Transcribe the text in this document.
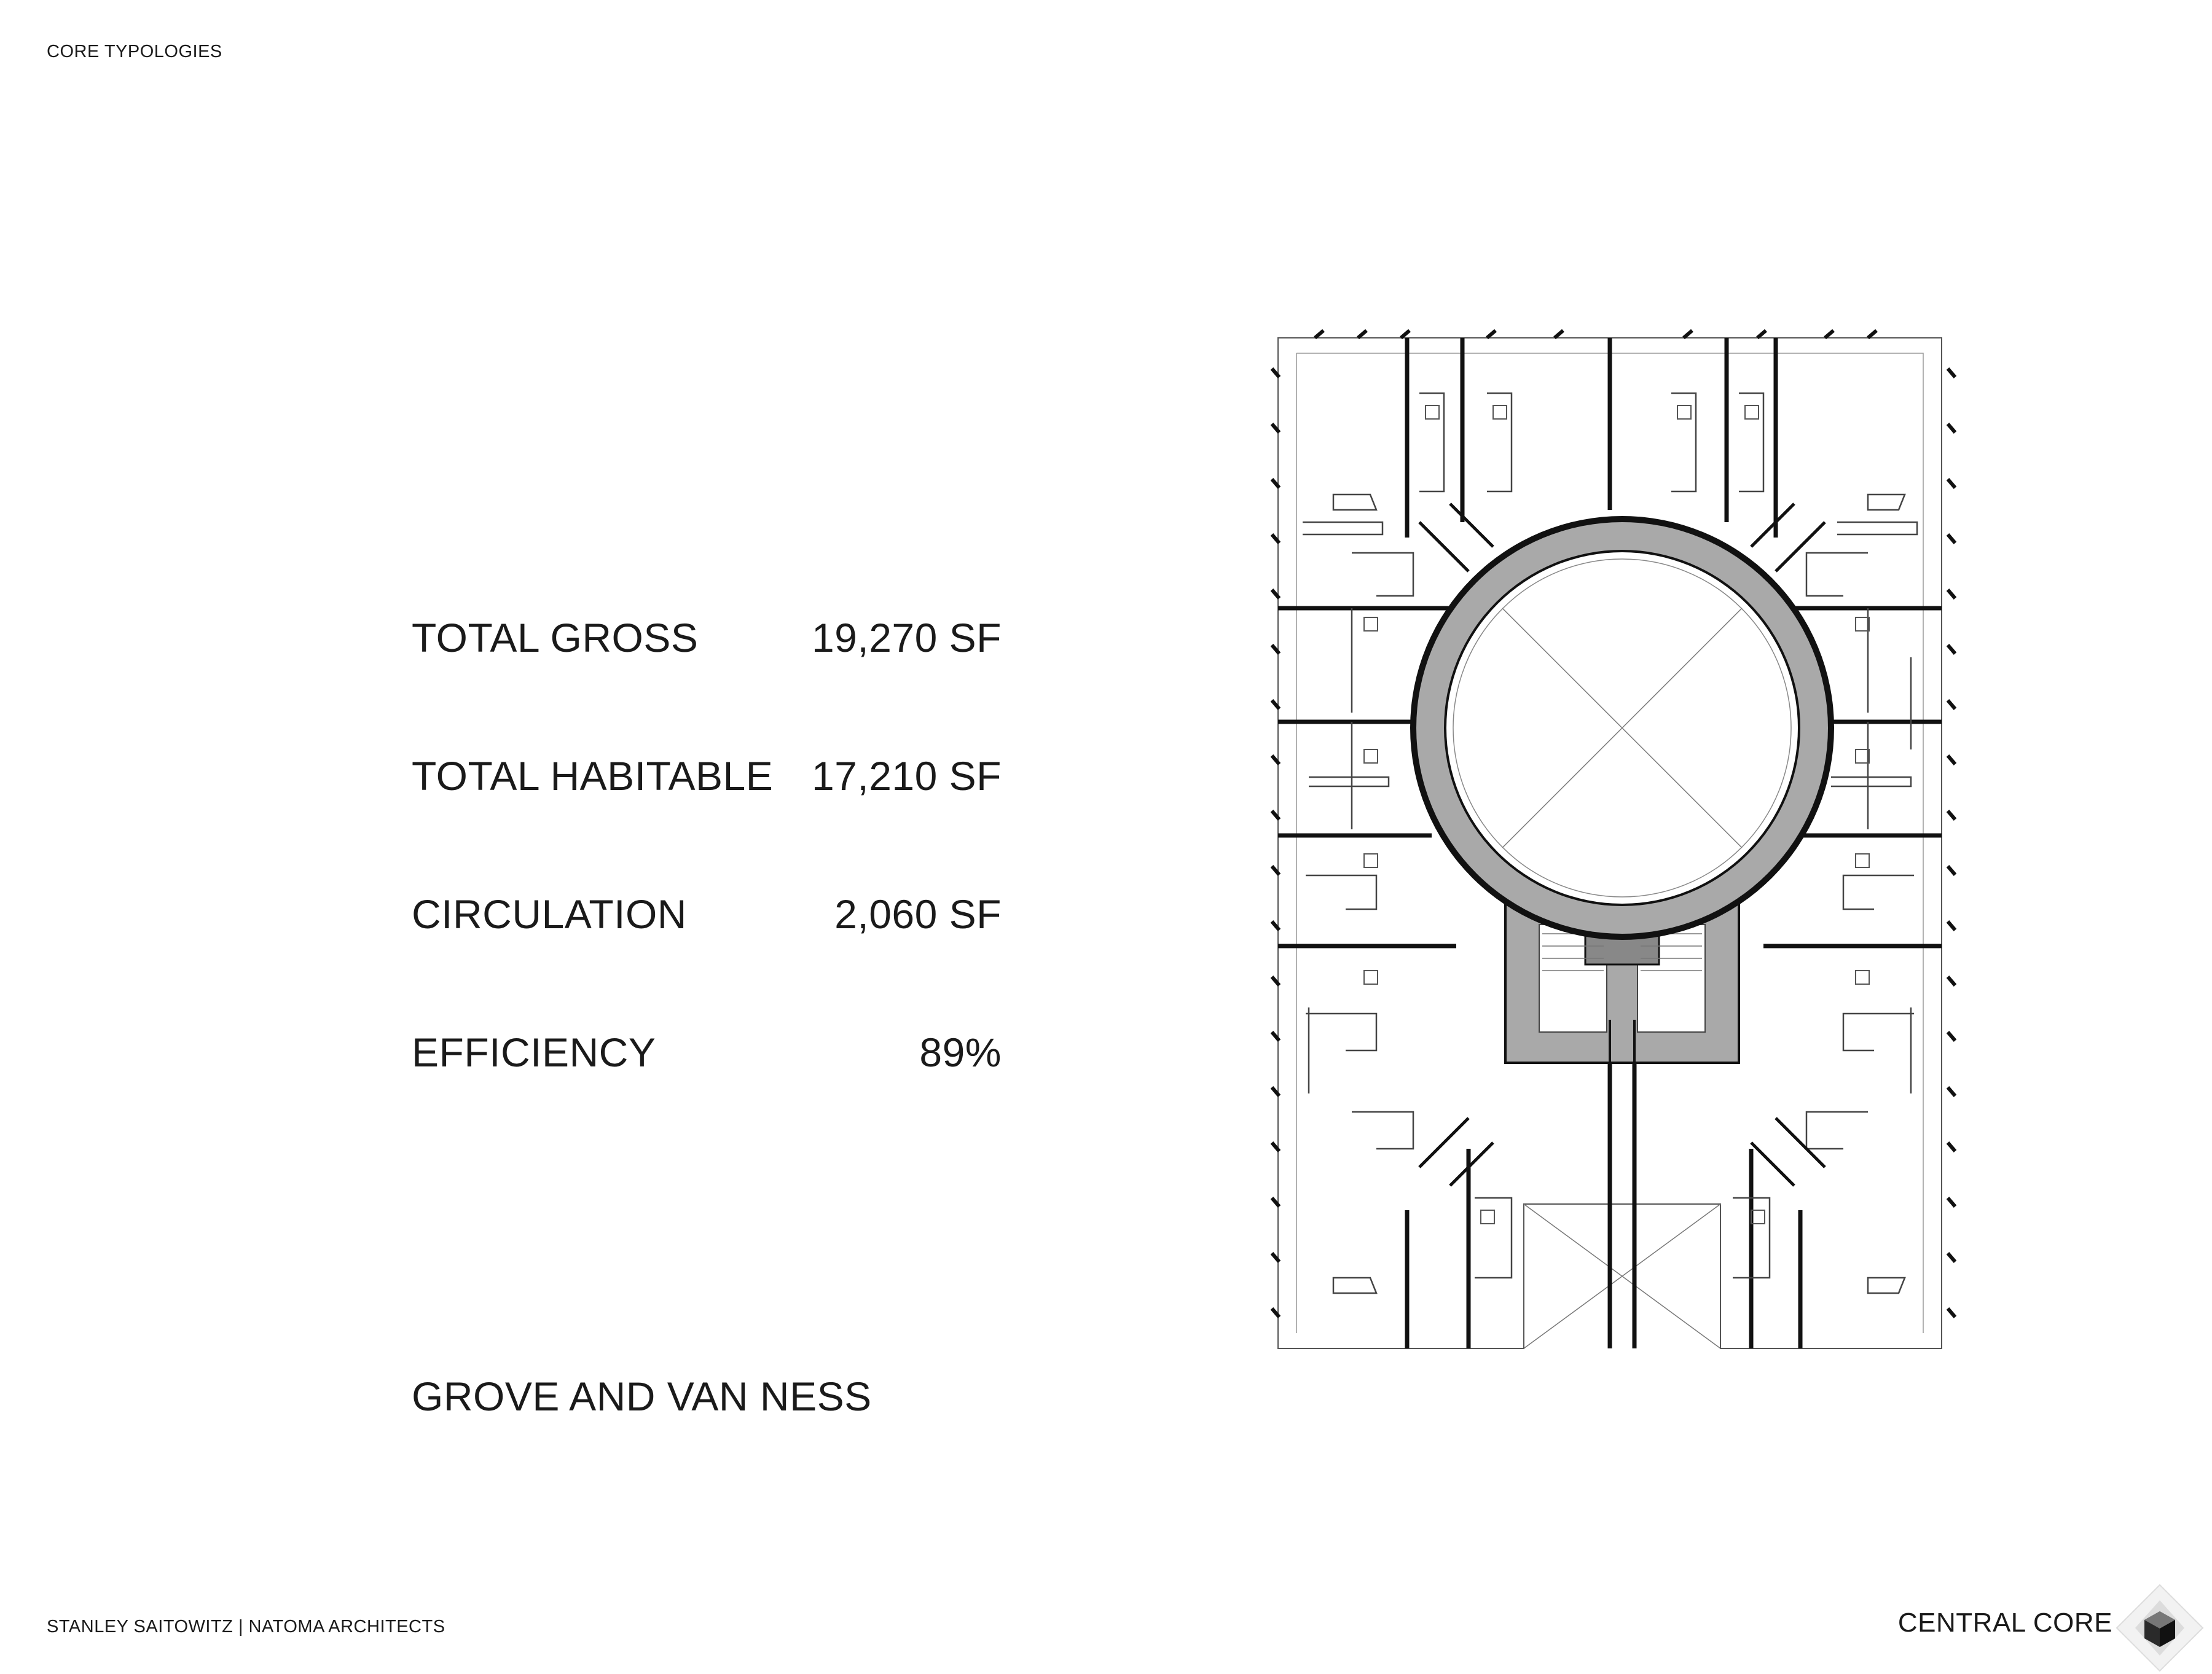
CORE TYPOLOGIES
TOTAL GROSS	19,270 SF
TOTAL HABITABLE 17,210 SF
CIRCULATION	2,060 SF
EFFICIENCY	89%
GROVE AND VAN NESS
STANLEY SAITOWITZ | NATOMA ARCHITECTS	CENTRAL CORE
